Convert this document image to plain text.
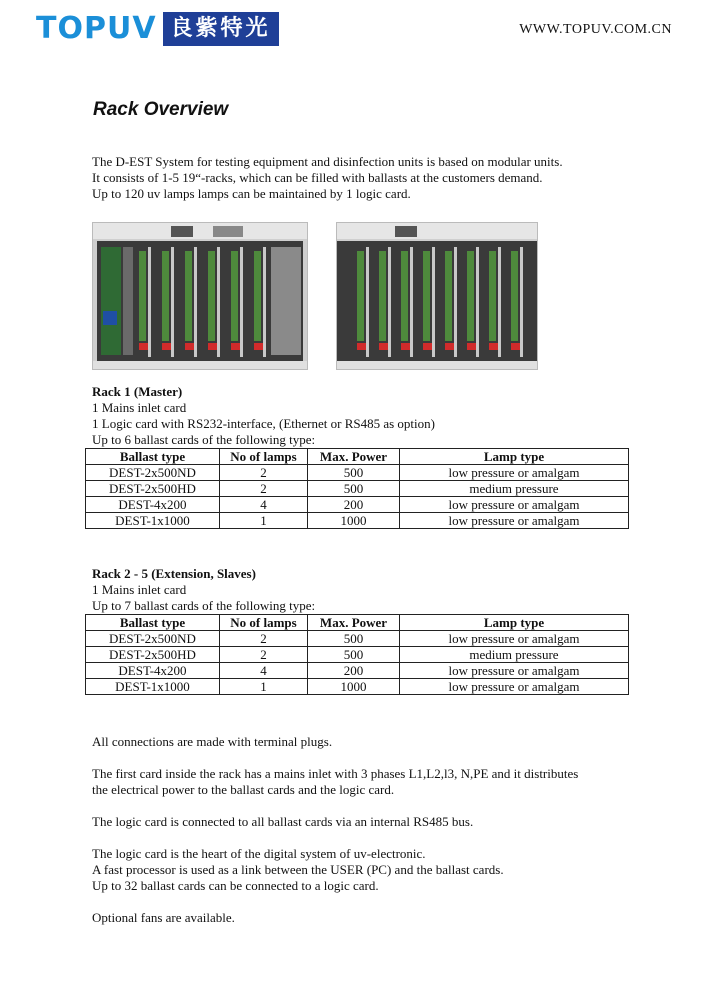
TOPUV 良紫特光	WWW.TOPUV.COM.CN
Rack Overview
The D-EST System for testing equipment and disinfection units is based on modular units.
It consists of 1-5 19“-racks, which can be filled with ballasts at the customers demand.
Up to 120 uv lamps lamps can be maintained by 1 logic card.
Rack 1 (Master)
1 Mains inlet card
1 Logic card with RS232-interface, (Ethernet or RS485 as option)
Up to 6 ballast cards of the following type:
Ballast type	No of lamps	Max. Power	Lamp type
DEST-2x500ND	2	500	low pressure or amalgam
DEST-2x500HD	2	500	medium pressure
DEST-4x200	4	200	low pressure or amalgam
DEST-1x1000	1	1000	low pressure or amalgam
Rack 2 - 5 (Extension, Slaves)
1 Mains inlet card
Up to 7 ballast cards of the following type:
Ballast type	No of lamps	Max. Power	Lamp type
DEST-2x500ND	2	500	low pressure or amalgam
DEST-2x500HD	2	500	medium pressure
DEST-4x200	4	200	low pressure or amalgam
DEST-1x1000	1	1000	low pressure or amalgam

All connections are made with terminal plugs.

The first card inside the rack has a mains inlet with 3 phases L1,L2,l3, N,PE and it distributes
the electrical power to the ballast cards and the logic card.

The logic card is connected to all ballast cards via an internal RS485 bus.

The logic card is the heart of the digital system of uv-electronic.
A fast processor is used as a link between the USER (PC) and the ballast cards.
Up to 32 ballast cards can be connected to a logic card.

Optional fans are available.
